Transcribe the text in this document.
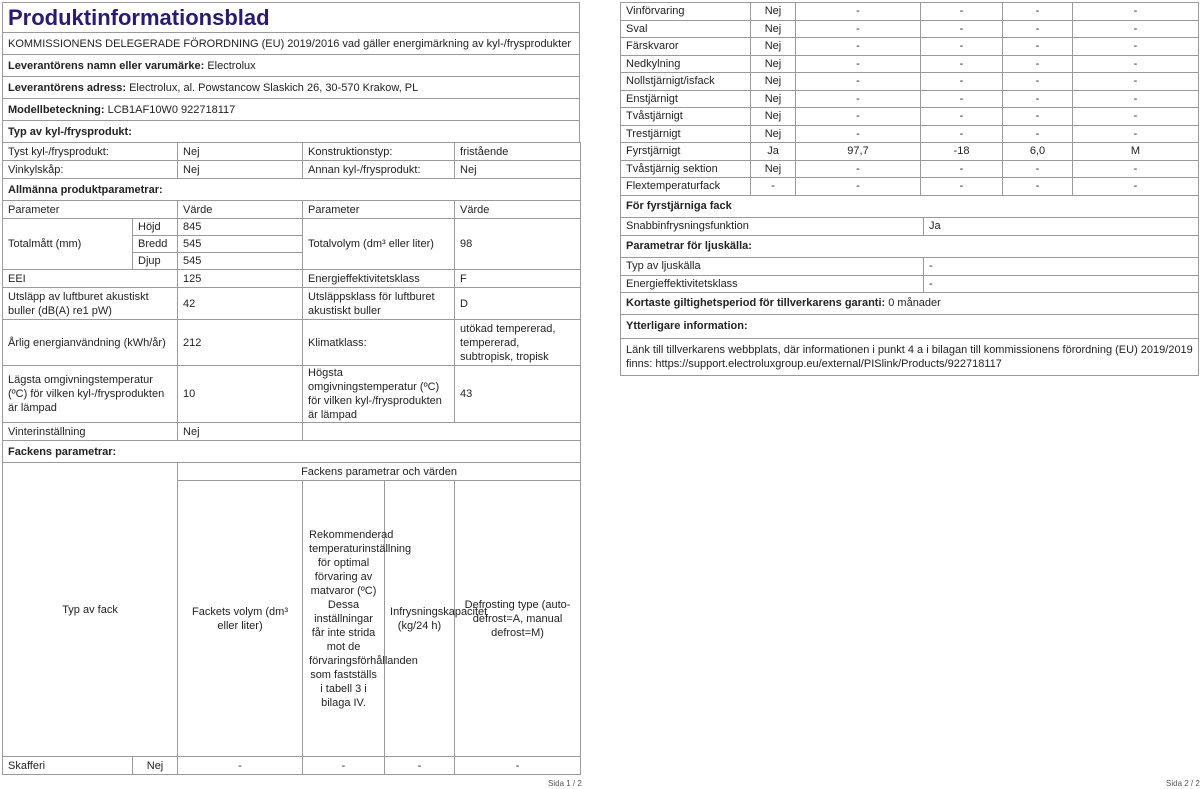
Produktinformationsblad
KOMMISSIONENS DELEGERADE FÖRORDNING (EU) 2019/2016 vad gäller energimärkning av kyl-/frysprodukter
Leverantörens namn eller varumärke: Electrolux
Leverantörens adress: Electrolux, al. Powstancow Slaskich 26, 30-570 Krakow, PL
Modellbeteckning: LCB1AF10W0 922718117
Typ av kyl-/frysprodukt:
Tyst kyl-/frysprodukt:		Nej	Konstruktionstyp:	fristående
Vinkylskåp:		Nej	Annan kyl-/frysprodukt:	Nej
Allmänna produktparametrar:				
Parameter		Värde	Parameter	Värde
Totalmått (mm)	Höjd	845	Totalvolym (dm³ eller liter)	98
	Bredd	545		
	Djup	545		
EEI		125	Energieffektivitetsklass	F
Utsläpp av luftburet akustiskt buller (dB(A) re1 pW)		42	Utsläppsklass för luftburet akustiskt buller	D
Årlig energianvändning (kWh/år)		212	Klimatklass:	utökad tempererad, tempererad, subtropisk, tropisk
Lägsta omgivningstemperatur (ºC) för vilken kyl-/frysprodukten är lämpad		10	Högsta omgivningstemperatur (ºC) för vilken kyl-/frysprodukten är lämpad	43
Vinterinställning		Nej		
Fackens parametrar:				
Typ av fack		Fackens parametrar och värden			
		Fackets volym (dm³ eller liter)	Rekommenderad temperaturinställning för optimal förvaring av matvaror (ºC) Dessa inställningar får inte strida mot de förvaringsförhållanden som fastställs i tabell 3 i bilaga IV.	Infrysningskapacitet (kg/24 h)	Defrosting type (auto-defrost=A, manual defrost=M)
Skafferi	Nej	-	-	-	-
Sida 1 / 2
Vinförvaring	Nej	-	-	-	-
Sval	Nej	-	-	-	-
Färskvaror	Nej	-	-	-	-
Nedkylning	Nej	-	-	-	-
Nollstjärnigt/isfack	Nej	-	-	-	-
Enstjärnigt	Nej	-	-	-	-
Tvåstjärnigt	Nej	-	-	-	-
Trestjärnigt	Nej	-	-	-	-
Fyrstjärnigt	Ja	97,7	-18	6,0	M
Tvåstjärnig sektion	Nej	-	-	-	-
Flextemperaturfack	-	-	-	-	-
För fyrstjärniga fack	
Snabbinfrysningsfunktion	Ja
Parametrar för ljuskälla:	
Typ av ljuskälla	-
Energieffektivitetsklass	-
Kortaste giltighetsperiod för tillverkarens garanti: 0 månader	
Ytterligare information:	
Länk till tillverkarens webbplats, där informationen i punkt 4 a i bilagan till kommissionens förordning (EU) 2019/2019 finns: https://support.electroluxgroup.eu/external/PISlink/Products/922718117	
Sida 2 / 2
